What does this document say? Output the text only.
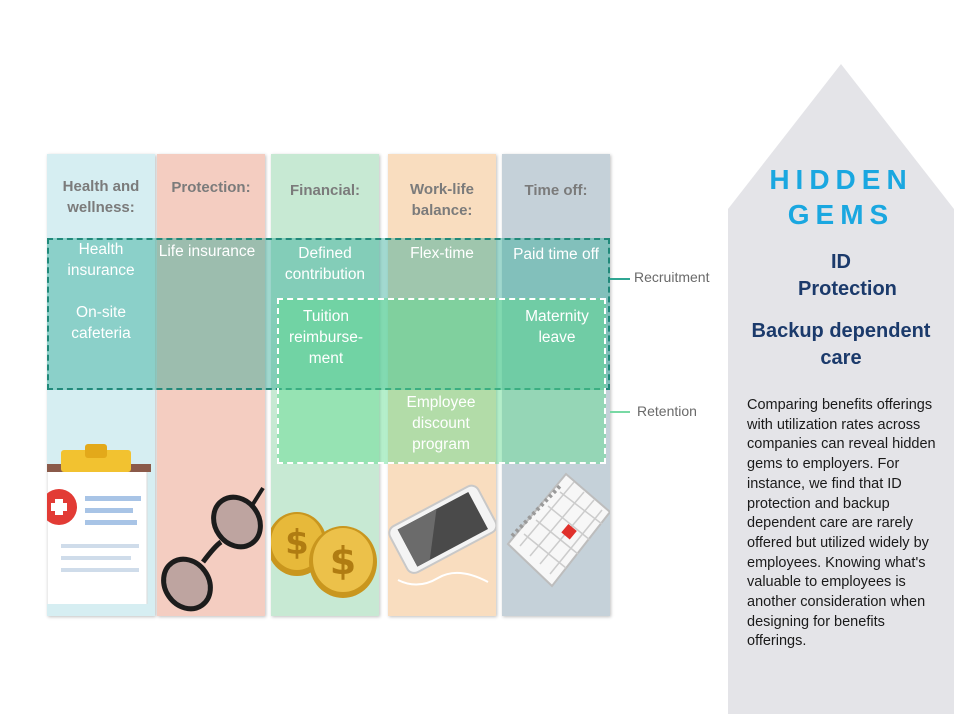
Health and wellness:
Protection:	Financial:
$ $
Work-life balance:
Time off:
Health insurance
On-site cafeteria
Life insurance	Defined contribution
Tuition reimburse-ment
Flex-time
Employee discount program
Paid time off
Maternity leave
Recruitment
Retention
HIDDEN
GEMS
ID Protection
Backup dependent care
Comparing benefits offerings with utilization rates across companies can reveal hidden gems to employers. For instance, we find that ID protection and backup dependent care are rarely offered but utilized widely by employees. Knowing what's valuable to employees is another consideration when designing for benefits offerings.
